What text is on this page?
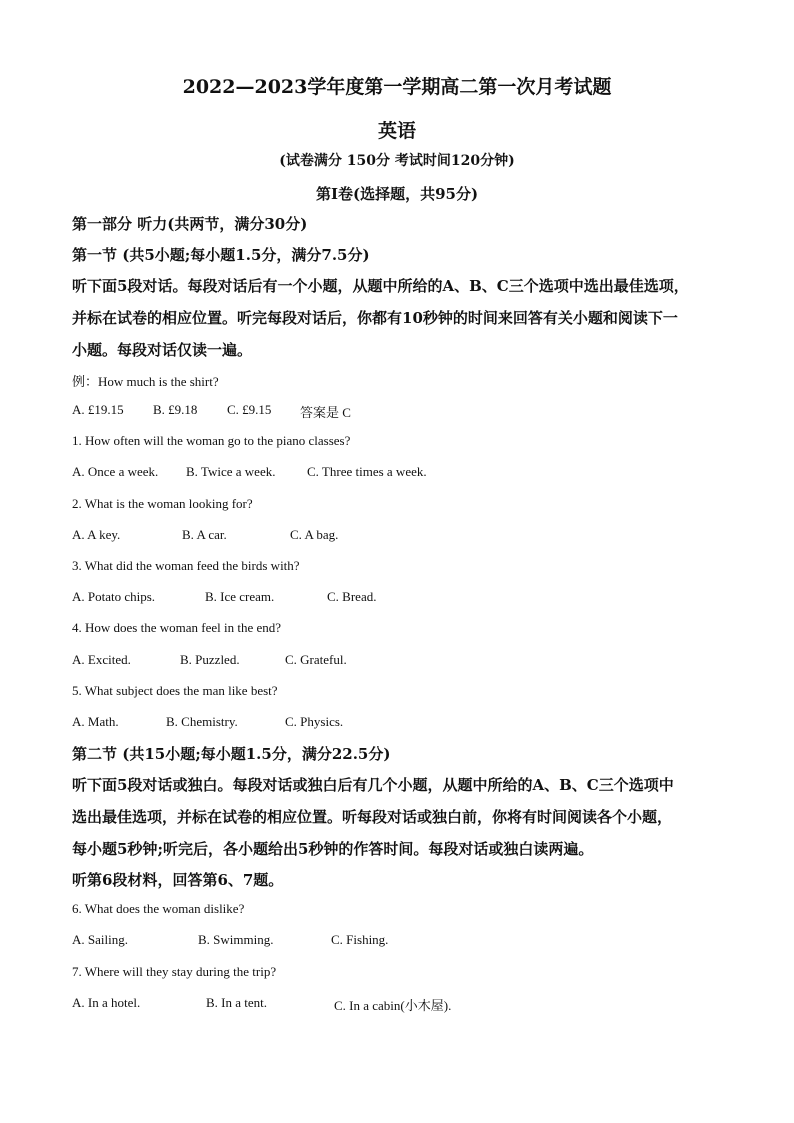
2022—2023学年度第一学期高二第一次月考试题
英语
(试卷满分 150分 考试时间120分钟)
第Ⅰ卷(选择题，共95分)
第一部分 听力(共两节，满分30分)
第一节 (共5小题;每小题1.5分，满分7.5分)
听下面5段对话。每段对话后有一个小题，从题中所给的A、B、C三个选项中选出最佳选项，
并标在试卷的相应位置。听完每段对话后，你都有10秒钟的时间来回答有关小题和阅读下一
小题。每段对话仅读一遍。
例：How much is the shirt?
A. £19.15 B. £9.18 C. £9.15 答案是 C
1. How often will the woman go to the piano classes?
A. Once a week. B. Twice a week. C. Three times a week.
2. What is the woman looking for?
A. A key.	B. A car.	C. A bag.
3. What did the woman feed the birds with?
A. Potato chips.	B. Ice cream.	C. Bread.
4. How does the woman feel in the end?
A. Excited.	B. Puzzled.	C. Grateful.
5. What subject does the man like best?
A. Math.	B. Chemistry.	C. Physics.
第二节 (共15小题;每小题1.5分，满分22.5分)
听下面5段对话或独白。每段对话或独白后有几个小题，从题中所给的A、B、C三个选项中
选出最佳选项，并标在试卷的相应位置。听每段对话或独白前，你将有时间阅读各个小题，
每小题5秒钟;听完后，各小题给出5秒钟的作答时间。每段对话或独白读两遍。
听第6段材料，回答第6、7题。
6. What does the woman dislike?
A. Sailing.	B. Swimming.	C. Fishing.
7. Where will they stay during the trip?
A. In a hotel.	B. In a tent.	C. In a cabin(小木屋).
